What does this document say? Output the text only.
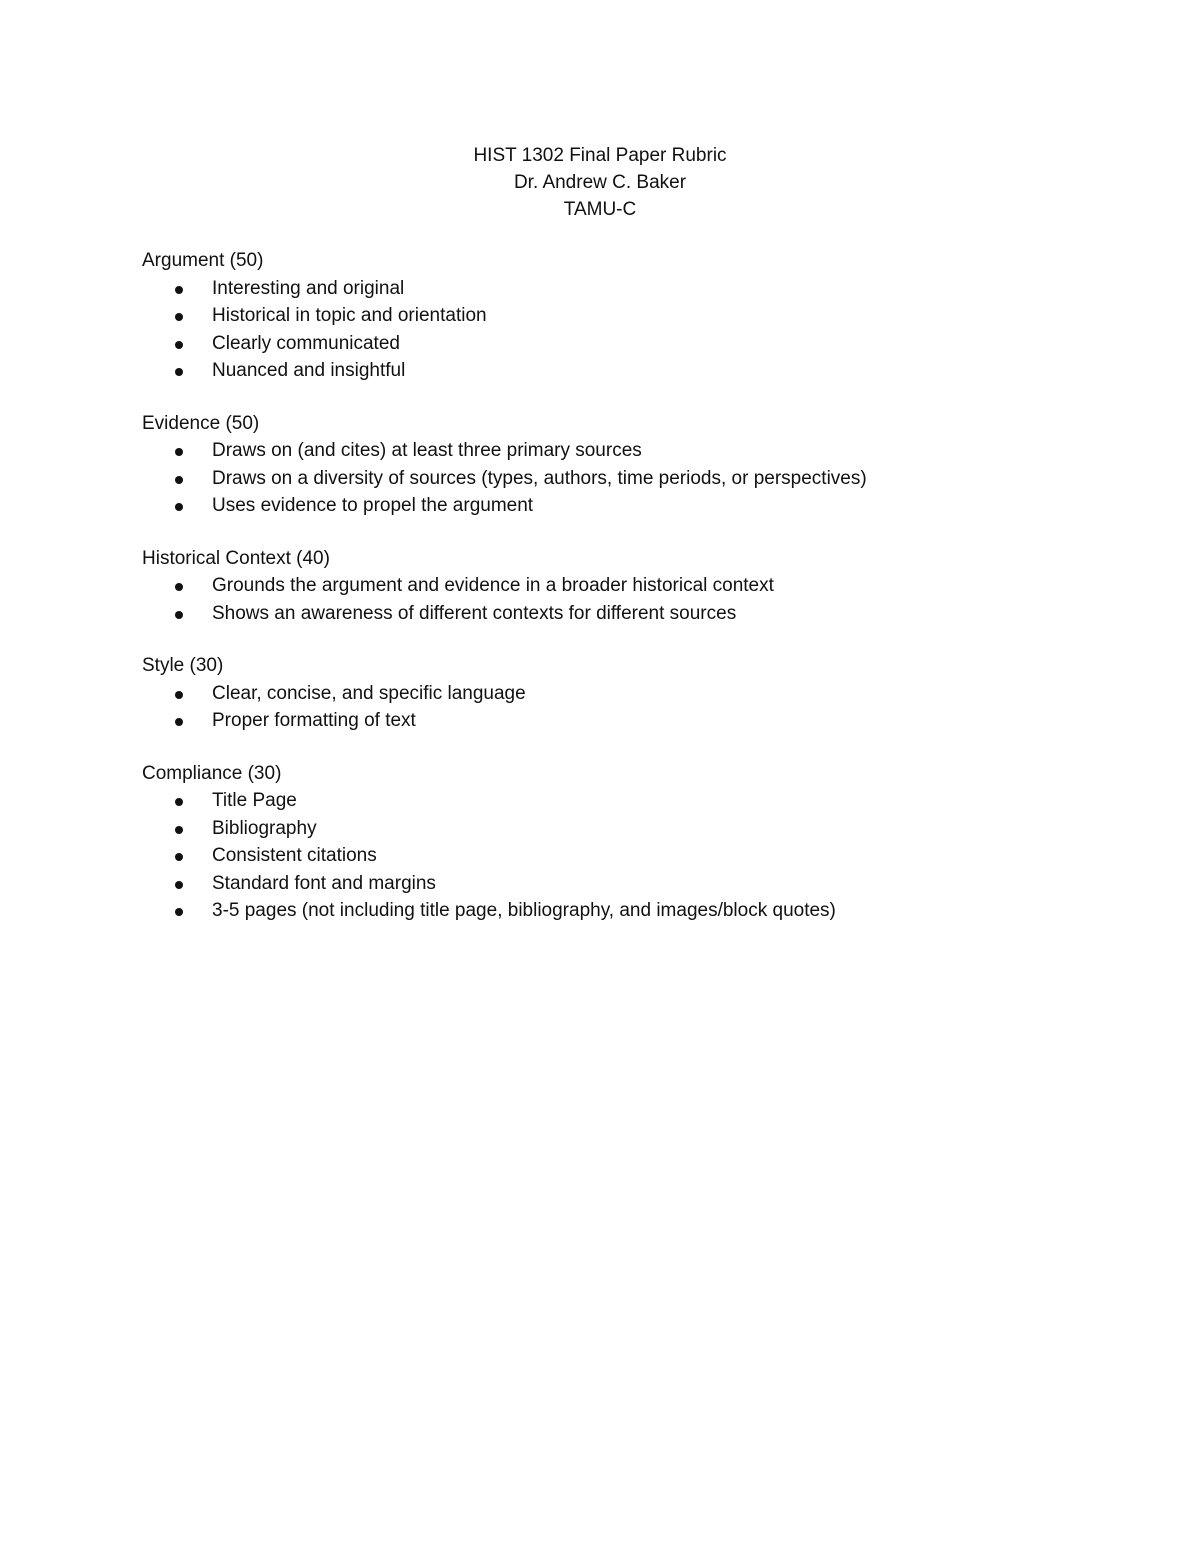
HIST 1302 Final Paper Rubric
Dr. Andrew C. Baker
TAMU-C
Argument (50)
Interesting and original
Historical in topic and orientation
Clearly communicated
Nuanced and insightful
Evidence (50)
Draws on (and cites) at least three primary sources
Draws on a diversity of sources (types, authors, time periods, or perspectives)
Uses evidence to propel the argument
Historical Context (40)
Grounds the argument and evidence in a broader historical context
Shows an awareness of different contexts for different sources
Style (30)
Clear, concise, and specific language
Proper formatting of text
Compliance (30)
Title Page
Bibliography
Consistent citations
Standard font and margins
3-5 pages (not including title page, bibliography, and images/block quotes)
